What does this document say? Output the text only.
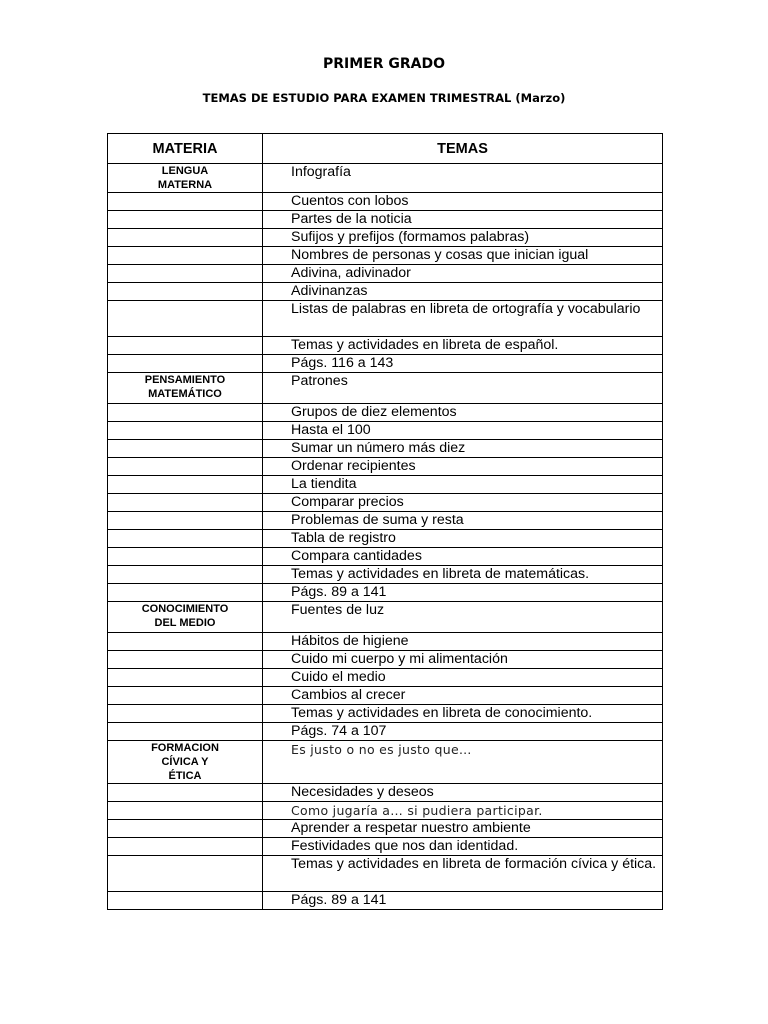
PRIMER GRADO
TEMAS DE ESTUDIO PARA EXAMEN TRIMESTRAL (Marzo)
MATERIA	TEMAS
LENGUA MATERNA	Infografía
	Cuentos con lobos
	Partes de la noticia
	Sufijos y prefijos (formamos palabras)
	Nombres de personas y cosas que inician igual
	Adivina, adivinador
	Adivinanzas
	Listas de palabras en libreta de ortografía y vocabulario
	Temas y actividades en libreta de español.
	Págs. 116 a 143
PENSAMIENTO MATEMÁTICO	Patrones
	Grupos de diez elementos
	Hasta el 100
	Sumar un número más diez
	Ordenar recipientes
	La tiendita
	Comparar precios
	Problemas de suma y resta
	Tabla de registro
	Compara cantidades
	Temas y actividades en libreta de matemáticas.
	Págs. 89 a 141
CONOCIMIENTO DEL MEDIO	Fuentes de luz
	Hábitos de higiene
	Cuido mi cuerpo y mi alimentación
	Cuido el medio
	Cambios al crecer
	Temas y actividades en libreta de conocimiento.
	Págs. 74 a 107
FORMACION CÍVICA Y ÉTICA	Es justo o no es justo que…
	Necesidades y deseos
	Como jugaría a… si pudiera participar.
	Aprender a respetar nuestro ambiente
	Festividades que nos dan identidad.
	Temas y actividades en libreta de formación cívica y ética.
	Págs. 89 a 141
